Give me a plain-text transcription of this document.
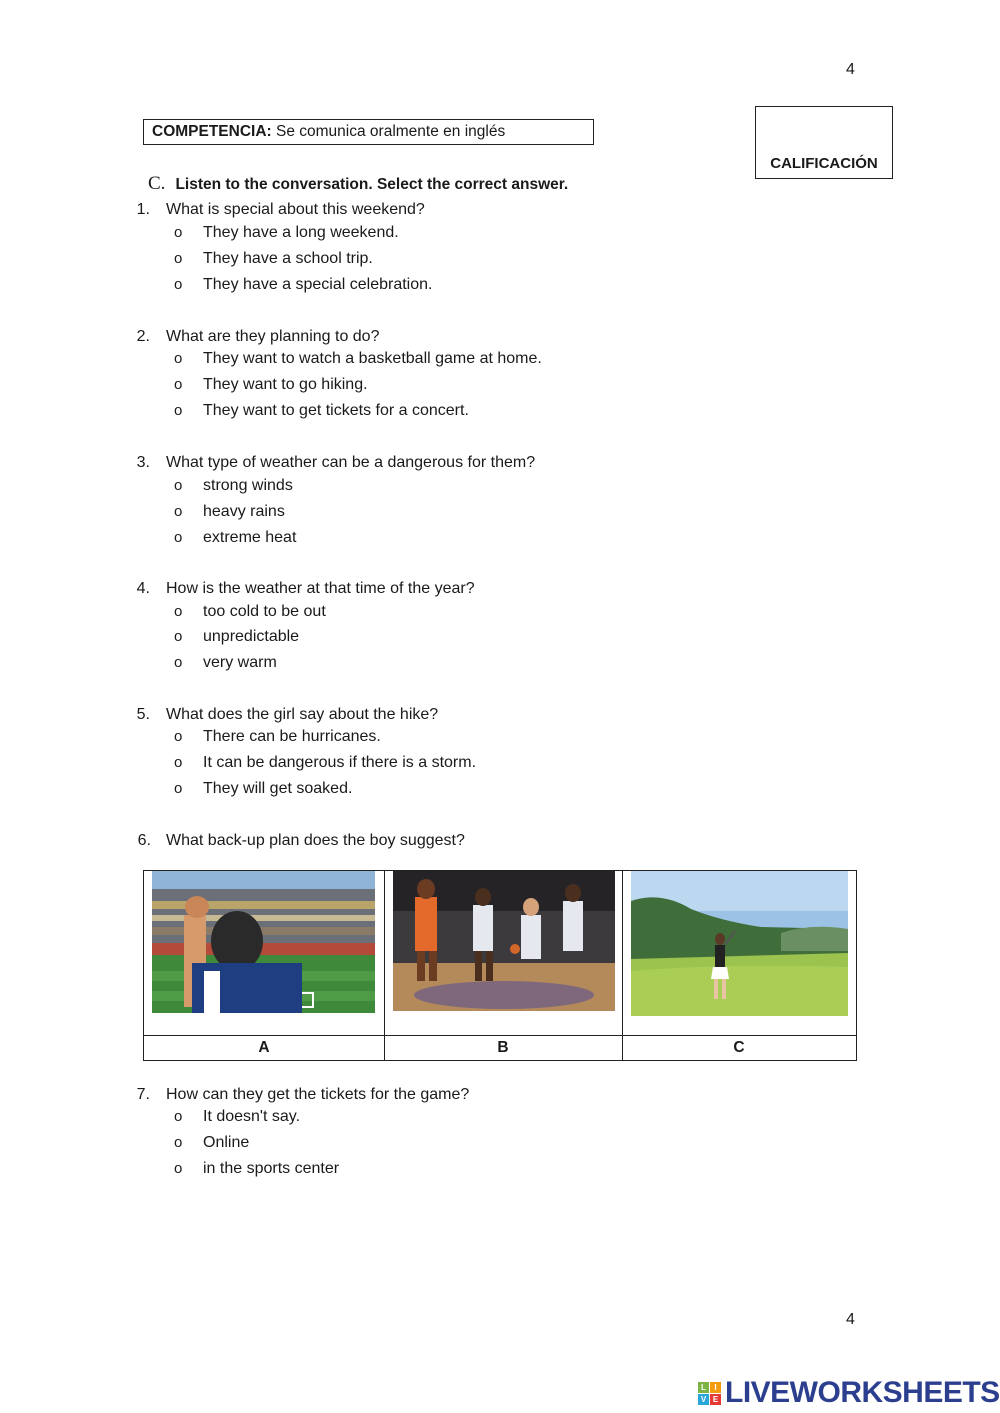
4
COMPETENCIA: Se comunica oralmente en inglés
CALIFICACIÓN
C. Listen to the conversation. Select the correct answer.
1. What is special about this weekend?
o They have a long weekend.
o They have a school trip.
o They have a special celebration.
2. What are they planning to do?
o They want to watch a basketball game at home.
o They want to go hiking.
o They want to get tickets for a concert.
3. What type of weather can be a dangerous for them?
o strong winds
o heavy rains
o extreme heat
4. How is the weather at that time of the year?
o too cold to be out
o unpredictable
o very warm
5. What does the girl say about the hike?
o There can be hurricanes.
o It can be dangerous if there is a storm.
o They will get soaked.
6. What back-up plan does the boy suggest?
A	B	C
7. How can they get the tickets for the game?
o It doesn't say.
o Online
o in the sports center
4
L	I
V E LIVEWORKSHEETS
